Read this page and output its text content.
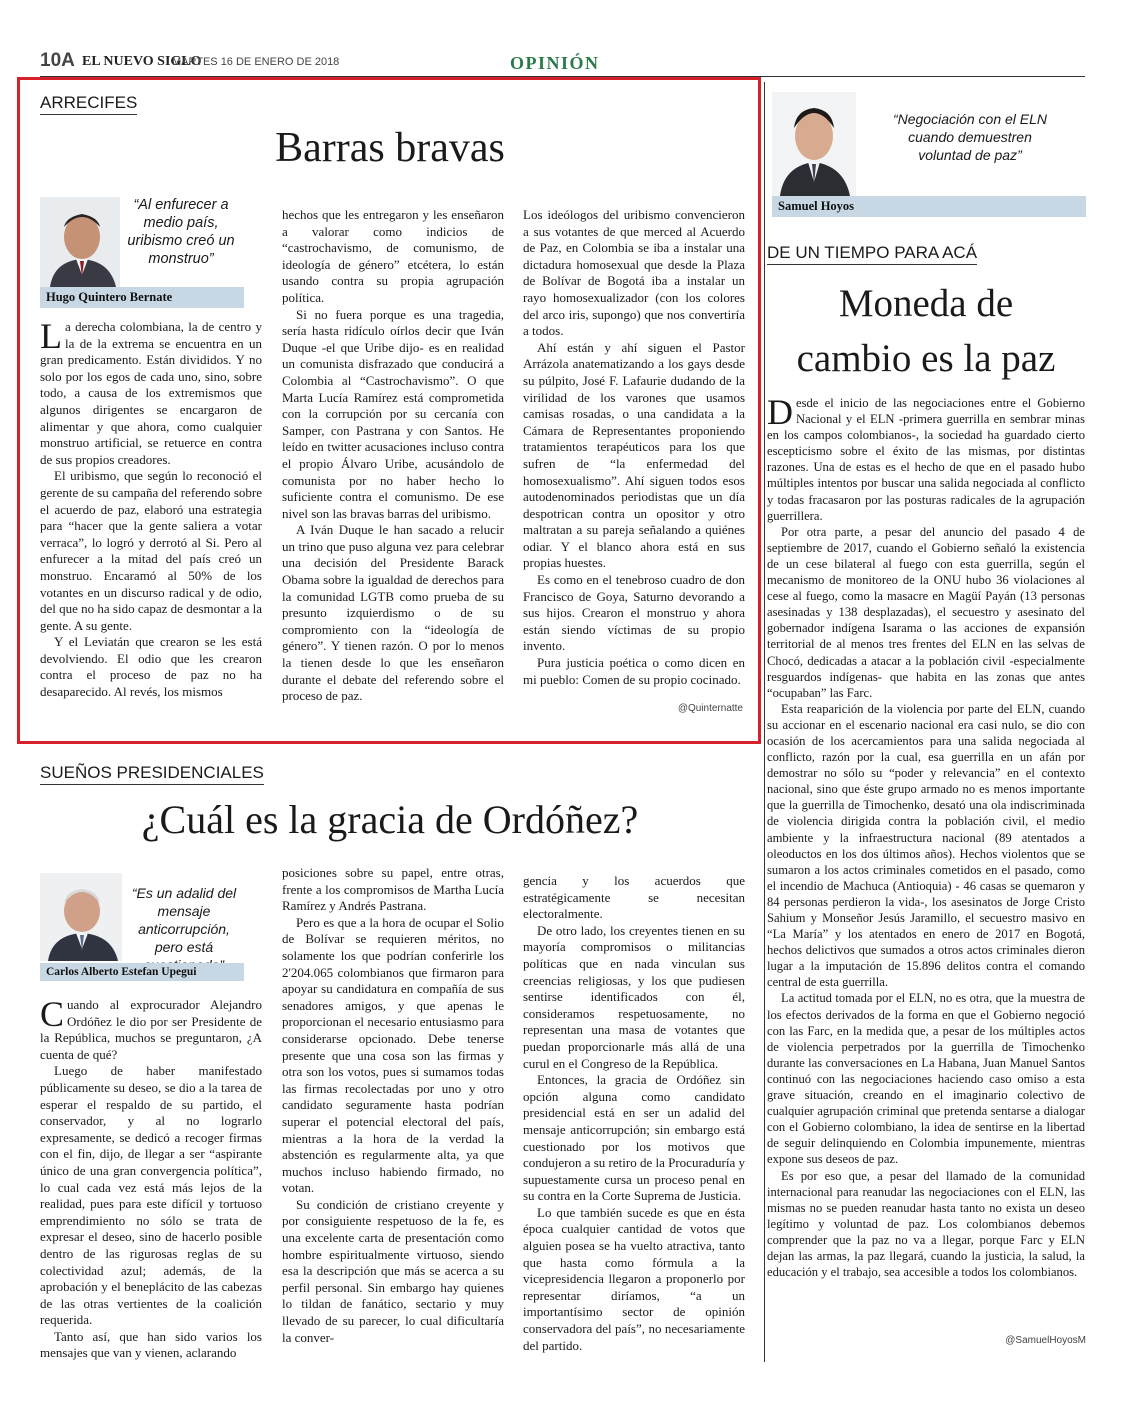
10A EL NUEVO SIGLO
MARTES 16 DE ENERO DE 2018	OPINIÓN
ARRECIFES
Barras bravas
“Al enfurecer a medio país, uribismo creó un monstruo”
Hugo Quintero Bernate

La derecha colombiana, la de centro y la de la extrema se encuentra en un gran predicamento. Están divididos. Y no solo por los egos de cada uno, sino, sobre todo, a causa de los extremismos que algunos dirigentes se encargaron de alimentar y que ahora, como cualquier monstruo artificial, se retuerce en contra de sus propios creadores.

El uribismo, que según lo reconoció el gerente de su campaña del referendo sobre el acuerdo de paz, elaboró una estrategia para “hacer que la gente saliera a votar verraca”, lo logró y derrotó al Si. Pero al enfurecer a la mitad del país creó un monstruo. Encaramó al 50% de los votantes en un discurso radical y de odio, del que no ha sido capaz de desmontar a la gente. A su gente.

Y el Leviatán que crearon se les está devolviendo. El odio que les crearon contra el proceso de paz no ha desaparecido. Al revés, los mismos

hechos que les entregaron y les enseñaron a valorar como indicios de “castrochavismo, de comunismo, de ideología de género” etcétera, lo están usando contra su propia agrupación política.

Si no fuera porque es una tragedia, sería hasta ridículo oírlos decir que Iván Duque -el que Uribe dijo- es en realidad un comunista disfrazado que conducirá a Colombia al “Castrochavismo”. O que Marta Lucía Ramírez está comprometida con la corrupción por su cercanía con Samper, con Pastrana y con Santos. He leído en twitter acusaciones incluso contra el propio Álvaro Uribe, acusándolo de comunista por no haber hecho lo suficiente contra el comunismo. De ese nivel son las bravas barras del uribismo.

A Iván Duque le han sacado a relucir un trino que puso alguna vez para celebrar una decisión del Presidente Barack Obama sobre la igualdad de derechos para la comunidad LGTB como prueba de su presunto izquierdismo o de su compromiento con la “ideología de género”. Y tienen razón. O por lo menos la tienen desde lo que les enseñaron durante el debate del referendo sobre el proceso de paz.

Los ideólogos del uribismo convencieron a sus votantes de que merced al Acuerdo de Paz, en Colombia se iba a instalar una dictadura homosexual que desde la Plaza de Bolívar de Bogotá iba a instalar un rayo homosexualizador (con los colores del arco iris, supongo) que nos convertiría a todos.

Ahí están y ahí siguen el Pastor Arrázola anatematizando a los gays desde su púlpito, José F. Lafaurie dudando de la virilidad de los varones que usamos camisas rosadas, o una candidata a la Cámara de Representantes proponiendo tratamientos terapéuticos para los que sufren de “la enfermedad del homosexualismo”. Ahí siguen todos esos autodenominados periodistas que un día despotrican contra un opositor y otro maltratan a su pareja señalando a quiénes odiar. Y el blanco ahora está en sus propias huestes.

Es como en el tenebroso cuadro de don Francisco de Goya, Saturno devorando a sus hijos. Crearon el monstruo y ahora están siendo víctimas de su propio invento.

Pura justicia poética o como dicen en mi pueblo: Comen de su propio cocinado.

@Quinternatte
SUEÑOS PRESIDENCIALES
¿Cuál es la gracia de Ordóñez?
“Es un adalid del mensaje anticorrupción, pero está
Carlos Alberto Estefan Upegui

Cuando al exprocurador Alejandro Ordóñez le dio por ser Presidente de la República, muchos se preguntaron, ¿A cuenta de qué?

Luego de haber manifestado públicamente su deseo, se dio a la tarea de esperar el respaldo de su partido, el conservador, y al no lograrlo expresamente, se dedicó a recoger firmas con el fin, dijo, de llegar a ser “aspirante único de una gran convergencia política”, lo cual cada vez está más lejos de la realidad, pues para este difícil y tortuoso emprendimiento no sólo se trata de expresar el deseo, sino de hacerlo posible dentro de las rigurosas reglas de su colectividad azul; además, de la aprobación y el beneplácito de las cabezas de las otras vertientes de la coalición requerida.

Tanto así, que han sido varios los mensajes que van y vienen, aclarando

posiciones sobre su papel, entre otras, frente a los compromisos de Martha Lucía Ramírez y Andrés Pastrana.

Pero es que a la hora de ocupar el Solio de Bolívar se requieren méritos, no solamente los que podrían conferirle los 2'204.065 colombianos que firmaron para apoyar su candidatura en compañía de sus senadores amigos, y que apenas le proporcionan el necesario entusiasmo para considerarse opcionado. Debe tenerse presente que una cosa son las firmas y otra son los votos, pues si sumamos todas las firmas recolectadas por uno y otro candidato seguramente hasta podrían superar el potencial electoral del país, mientras a la hora de la verdad la abstención es regularmente alta, ya que muchos incluso habiendo firmado, no votan.

Su condición de cristiano creyente y por consiguiente respetuoso de la fe, es una excelente carta de presentación como hombre espiritualmente virtuoso, siendo esa la descripción que más se acerca a su perfil personal. Sin embargo hay quienes lo tildan de fanático, sectario y muy llevado de su parecer, lo cual dificultaría la conver-

gencia y los acuerdos que estratégicamente se necesitan electoralmente.

De otro lado, los creyentes tienen en su mayoría compromisos o militancias políticas que en nada vinculan sus creencias religiosas, y los que pudiesen sentirse identificados con él, consideramos respetuosamente, no representan una masa de votantes que puedan proporcionarle más allá de una curul en el Congreso de la República.

Entonces, la gracia de Ordóñez sin opción alguna como candidato presidencial está en ser un adalid del mensaje anticorrupción; sin embargo está cuestionado por los motivos que condujeron a su retiro de la Procuraduría y supuestamente cursa un proceso penal en su contra en la Corte Suprema de Justicia.

Lo que también sucede es que en ésta época cualquier cantidad de votos que alguien posea se ha vuelto atractiva, tanto que hasta como fórmula a la vicepresidencia llegaron a proponerlo por representar diríamos, “a un importantísimo sector de opinión conservadora del país”, no necesariamente del partido.

“Negociación con el ELN cuando demuestren voluntad de paz”
Samuel Hoyos
DE UN TIEMPO PARA ACÁ
Moneda de
cambio es la paz

Desde el inicio de las negociaciones entre el Gobierno Nacional y el ELN -primera guerrilla en sembrar minas en los campos colombianos-, la sociedad ha guardado cierto escepticismo sobre el éxito de las mismas, por distintas razones. Una de estas es el hecho de que en el pasado hubo múltiples intentos por buscar una salida negociada al conflicto y todas fracasaron por las posturas radicales de la agrupación guerrillera.

Por otra parte, a pesar del anuncio del pasado 4 de septiembre de 2017, cuando el Gobierno señaló la existencia de un cese bilateral al fuego con esta guerrilla, según el mecanismo de monitoreo de la ONU hubo 36 violaciones al cese al fuego, como la masacre en Magüí Payán (13 personas asesinadas y 138 desplazadas), el secuestro y asesinato del gobernador indígena Isarama o las acciones de expansión territorial de al menos tres frentes del ELN en las selvas de Chocó, dedicadas a atacar a la población civil -especialmente resguardos indígenas- que habita en las zonas que antes “ocupaban” las Farc.

Esta reaparición de la violencia por parte del ELN, cuando su accionar en el escenario nacional era casi nulo, se dio con ocasión de los acercamientos para una salida negociada al conflicto, razón por la cual, esa guerrilla en un afán por demostrar no sólo su “poder y relevancia” en el contexto nacional, sino que éste grupo armado no es menos importante que la guerrilla de Timochenko, desató una ola indiscriminada de violencia dirigida contra la población civil, el medio ambiente y la infraestructura nacional (89 atentados a oleoductos en los dos últimos años). Hechos violentos que se sumaron a los actos criminales cometidos en el pasado, como el incendio de Machuca (Antioquia) - 46 casas se quemaron y 84 personas perdieron la vida-, los asesinatos de Jorge Cristo Sahium y Monseñor Jesús Jaramillo, el secuestro masivo en “La María” y los atentados en enero de 2017 en Bogotá, hechos delictivos que sumados a otros actos criminales dieron lugar a la imputación de 15.896 delitos contra el comando central de esta guerrilla.

La actitud tomada por el ELN, no es otra, que la muestra de los efectos derivados de la forma en que el Gobierno negoció con las Farc, en la medida que, a pesar de los múltiples actos de violencia perpetrados por la guerrilla de Timochenko durante las conversaciones en La Habana, Juan Manuel Santos continuó con las negociaciones haciendo caso omiso a esta grave situación, creando en el imaginario colectivo de cualquier agrupación criminal que pretenda sentarse a dialogar con el Gobierno colombiano, la idea de sentirse en la libertad de seguir delinquiendo en Colombia impunemente, mientras expone sus deseos de paz.

Es por eso que, a pesar del llamado de la comunidad internacional para reanudar las negociaciones con el ELN, las mismas no se pueden reanudar hasta tanto no exista un deseo legítimo y voluntad de paz. Los colombianos debemos comprender que la paz no va a llegar, porque Farc y ELN dejan las armas, la paz llegará, cuando la justicia, la salud, la educación y el trabajo, sea accesible a todos los colombianos.

@SamuelHoyosM
